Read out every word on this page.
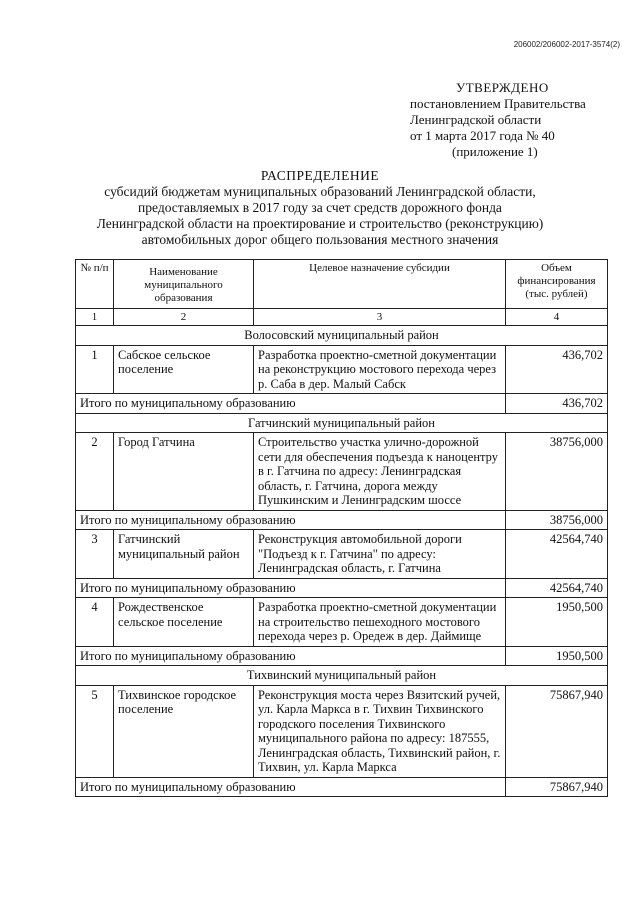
206002/206002-2017-3574(2)
УТВЕРЖДЕНО
постановлением Правительства
Ленинградской области
от 1 марта 2017 года № 40
(приложение 1)
РАСПРЕДЕЛЕНИЕ
субсидий бюджетам муниципальных образований Ленинградской области,
предоставляемых в 2017 году за счет средств дорожного фонда
Ленинградской области на проектирование и строительство (реконструкцию)
автомобильных дорог общего пользования местного значения
№ п/п	Наименование муниципального образования	Целевое назначение субсидии	Объем финансирования (тыс. рублей)
1	2	3	4
Волосовский муниципальный район			
1	Сабское сельское поселение	Разработка проектно-сметной документации на реконструкцию мостового перехода через р. Саба в дер. Малый Сабск	436,702
Итого по муниципальному образованию			436,702
Гатчинский муниципальный район			
2	Город Гатчина	Строительство участка улично-дорожной сети для обеспечения подъезда к наноцентру в г. Гатчина по адресу: Ленинградская область, г. Гатчина, дорога между Пушкинским и Ленинградским шоссе	38756,000
Итого по муниципальному образованию			38756,000
3	Гатчинский муниципальный район	Реконструкция автомобильной дороги "Подъезд к г. Гатчина" по адресу: Ленинградская область, г. Гатчина	42564,740
Итого по муниципальному образованию			42564,740
4	Рождественское сельское поселение	Разработка проектно-сметной документации на строительство пешеходного мостового перехода через р. Оредеж в дер. Даймище	1950,500
Итого по муниципальному образованию			1950,500
Тихвинский муниципальный район			
5	Тихвинское городское поселение	Реконструкция моста через Вязитский ручей, ул. Карла Маркса в г. Тихвин Тихвинского городского поселения Тихвинского муниципального района по адресу: 187555, Ленинградская область, Тихвинский район, г. Тихвин, ул. Карла Маркса	75867,940
Итого по муниципальному образованию			75867,940
